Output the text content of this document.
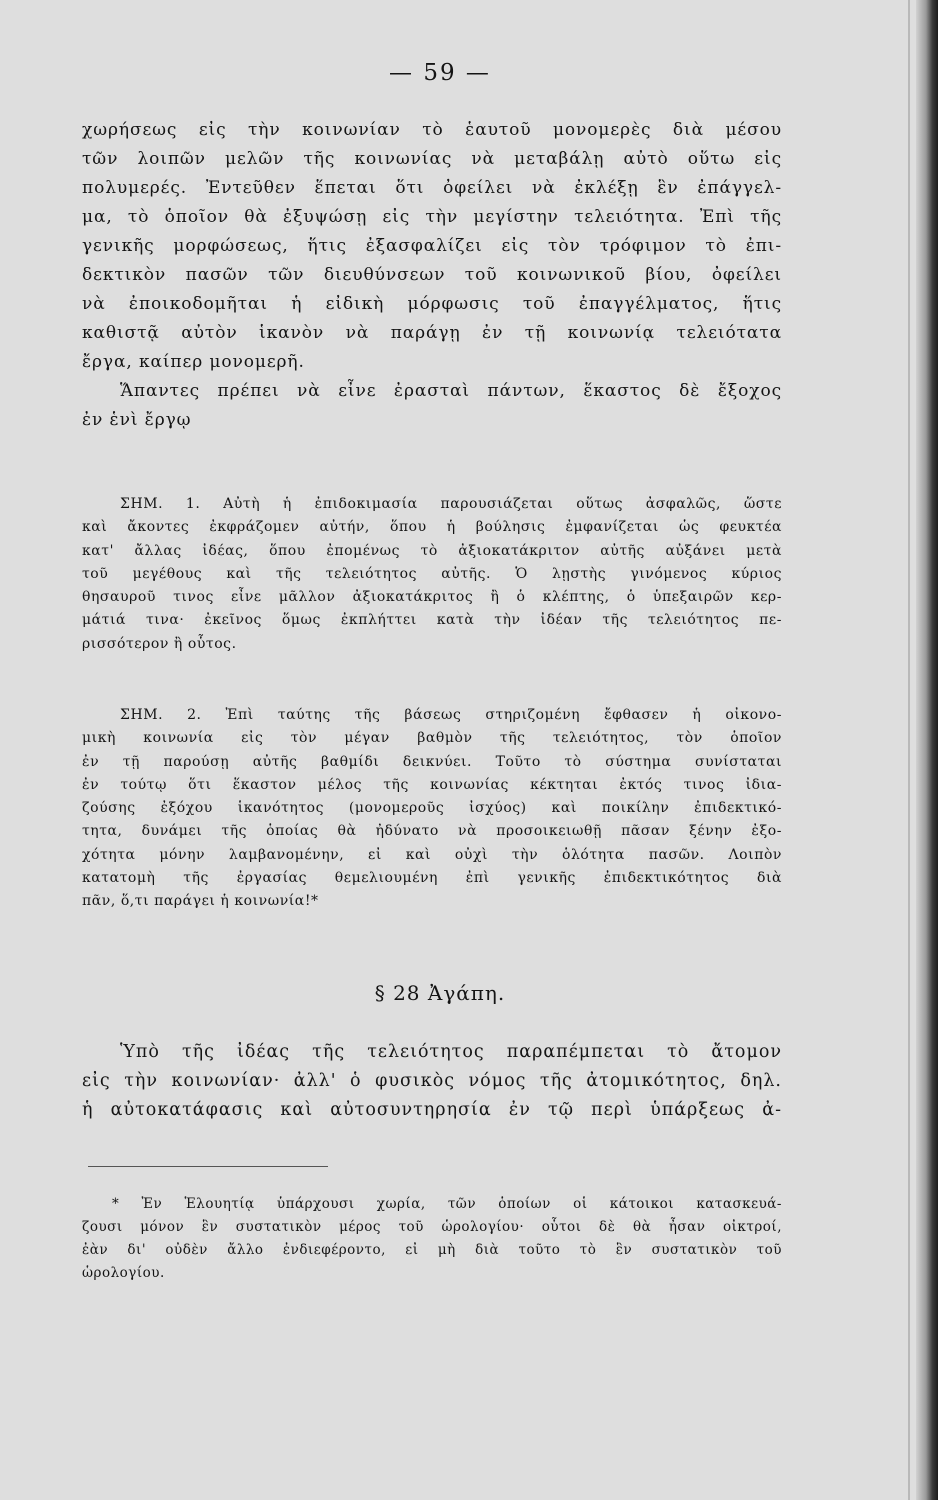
— 59 —
χωρήσεως εἰς τὴν κοινωνίαν τὸ ἑαυτοῦ μονομερὲς διὰ μέσου
τῶν λοιπῶν μελῶν τῆς κοινωνίας νὰ μεταβάλῃ αὐτὸ οὕτω εἰς
πολυμερές. Ἐντεῦθεν ἕπεται ὅτι ὀφείλει νὰ ἐκλέξῃ ἓν ἐπάγγελ-
μα, τὸ ὁποῖον θὰ ἐξυψώσῃ εἰς τὴν μεγίστην τελειότητα. Ἐπὶ τῆς
γενικῆς μορφώσεως, ἥτις ἐξασφαλίζει εἰς τὸν τρόφιμον τὸ ἐπι-
δεκτικὸν πασῶν τῶν διευθύνσεων τοῦ κοινωνικοῦ βίου, ὀφείλει
νὰ ἐποικοδομῆται ἡ εἰδικὴ μόρφωσις τοῦ ἐπαγγέλματος, ἥτις
καθιστᾷ αὐτὸν ἱκανὸν νὰ παράγῃ ἐν τῇ κοινωνίᾳ τελειότατα
ἔργα, καίπερ μονομερῆ.
Ἅπαντες πρέπει νὰ εἶνε ἐρασταὶ πάντων, ἕκαστος δὲ ἔξοχος
ἐν ἑνὶ ἔργῳ
ΣΗΜ. 1. Αὐτὴ ἡ ἐπιδοκιμασία παρουσιάζεται οὕτως ἀσφαλῶς, ὥστε
καὶ ἄκοντες ἐκφράζομεν αὐτήν, ὅπου ἡ βούλησις ἐμφανίζεται ὡς φευκτέα
κατ' ἄλλας ἰδέας, ὅπου ἐπομένως τὸ ἀξιοκατάκριτον αὐτῆς αὐξάνει μετὰ
τοῦ μεγέθους καὶ τῆς τελειότητος αὐτῆς. Ὁ λῃστὴς γινόμενος κύριος
θησαυροῦ τινος εἶνε μᾶλλον ἀξιοκατάκριτος ἢ ὁ κλέπτης, ὁ ὑπεξαιρῶν κερ-
μάτιά τινα· ἐκεῖνος ὅμως ἐκπλήττει κατὰ τὴν ἰδέαν τῆς τελειότητος πε-
ρισσότερον ἢ οὗτος.
ΣΗΜ. 2. Ἐπὶ ταύτης τῆς βάσεως στηριζομένη ἔφθασεν ἡ οἰκονο-
μικὴ κοινωνία εἰς τὸν μέγαν βαθμὸν τῆς τελειότητος, τὸν ὁποῖον
ἐν τῇ παρούσῃ αὐτῆς βαθμίδι δεικνύει. Τοῦτο τὸ σύστημα συνίσταται
ἐν τούτῳ ὅτι ἕκαστον μέλος τῆς κοινωνίας κέκτηται ἐκτός τινος ἰδια-
ζούσης ἐξόχου ἱκανότητος (μονομεροῦς ἰσχύος) καὶ ποικίλην ἐπιδεκτικό-
τητα, δυνάμει τῆς ὁποίας θὰ ἠδύνατο νὰ προσοικειωθῇ πᾶσαν ξένην ἐξο-
χότητα μόνην λαμβανομένην, εἰ καὶ οὐχὶ τὴν ὁλότητα πασῶν. Λοιπὸν
κατατομὴ τῆς ἐργασίας θεμελιουμένη ἐπὶ γενικῆς ἐπιδεκτικότητος διὰ
πᾶν, ὅ,τι παράγει ἡ κοινωνία!*
§ 28 Ἀγάπη.
Ὑπὸ τῆς ἰδέας τῆς τελειότητος παραπέμπεται τὸ ἄτομον
εἰς τὴν κοινωνίαν· ἀλλ' ὁ φυσικὸς νόμος τῆς ἀτομικότητος, δηλ.
ἡ αὐτοκατάφασις καὶ αὐτοσυντηρησία ἐν τῷ περὶ ὑπάρξεως ἀ-
* Ἐν Ἑλουητίᾳ ὑπάρχουσι χωρία, τῶν ὁποίων οἱ κάτοικοι κατασκευά-
ζουσι μόνον ἓν συστατικὸν μέρος τοῦ ὡρολογίου· οὗτοι δὲ θὰ ἦσαν οἰκτροί,
ἐὰν δι' οὐδὲν ἄλλο ἐνδιεφέροντο, εἰ μὴ διὰ τοῦτο τὸ ἓν συστατικὸν τοῦ
ὡρολογίου.
